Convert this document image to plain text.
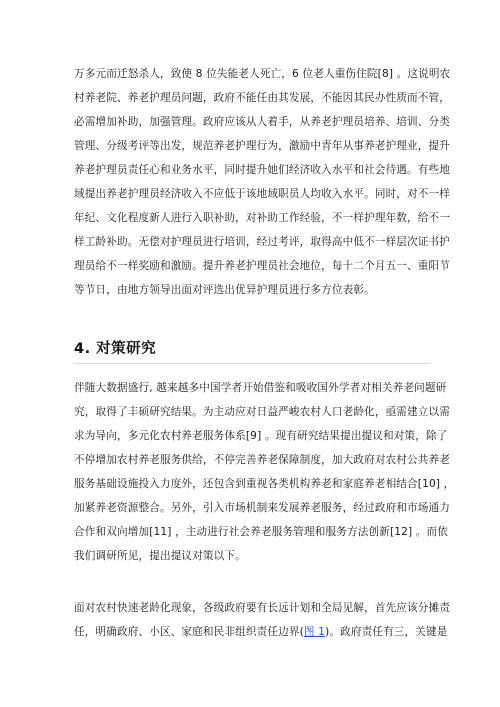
万多元而迁怒杀人，致使 8 位失能老人死亡，6 位老人重伤住院[8] 。这说明农
村养老院、养老护理员问题，政府不能任由其发展，不能因其民办性质而不管，
必需增加补助，加强管理。政府应该从人着手，从养老护理员培养、培训、分类
管理、分级考评等出发，规范养老护理行为，激励中青年从事养老护理业，提升
养老护理员责任心和业务水平，同时提升她们经济收入水平和社会待遇。有些地
域提出养老护理员经济收入不应低于该地域职员人均收入水平。同时，对不一样
年纪、文化程度新人进行入职补助，对补助工作经验，不一样护理年数，给不一
样工龄补助。无偿对护理员进行培训，经过考评，取得高中低不一样层次证书护
理员给不一样奖励和激励。提升养老护理员社会地位，每十二个月五一、重阳节
等节日，由地方领导出面对评选出优异护理员进行多方位表彰。
4. 对策研究
伴随大数据盛行, 越来越多中国学者开始借鉴和吸收国外学者对相关养老问题研
究，取得了丰硕研究结果。为主动应对日益严峻农村人口老龄化，亟需建立以需
求为导向，多元化农村养老服务体系[9] 。现有研究结果提出提议和对策，除了
不停增加农村养老服务供给，不停完善养老保障制度，加大政府对农村公共养老
服务基础设施投入力度外，还包含到重视各类机构养老和家庭养老相结合[10] ，
加紧养老资源整合。另外，引入市场机制来发展养老服务，经过政府和市场通力
合作和双向增加[11] ，主动进行社会养老服务管理和服务方法创新[12] 。而依
我们调研所见，提出提议对策以下。
面对农村快速老龄化现象，各级政府要有长远计划和全局见解，首先应该分摊责
任，明确政府、小区、家庭和民非组织责任边界(图 1)。政府责任有三，关键是
